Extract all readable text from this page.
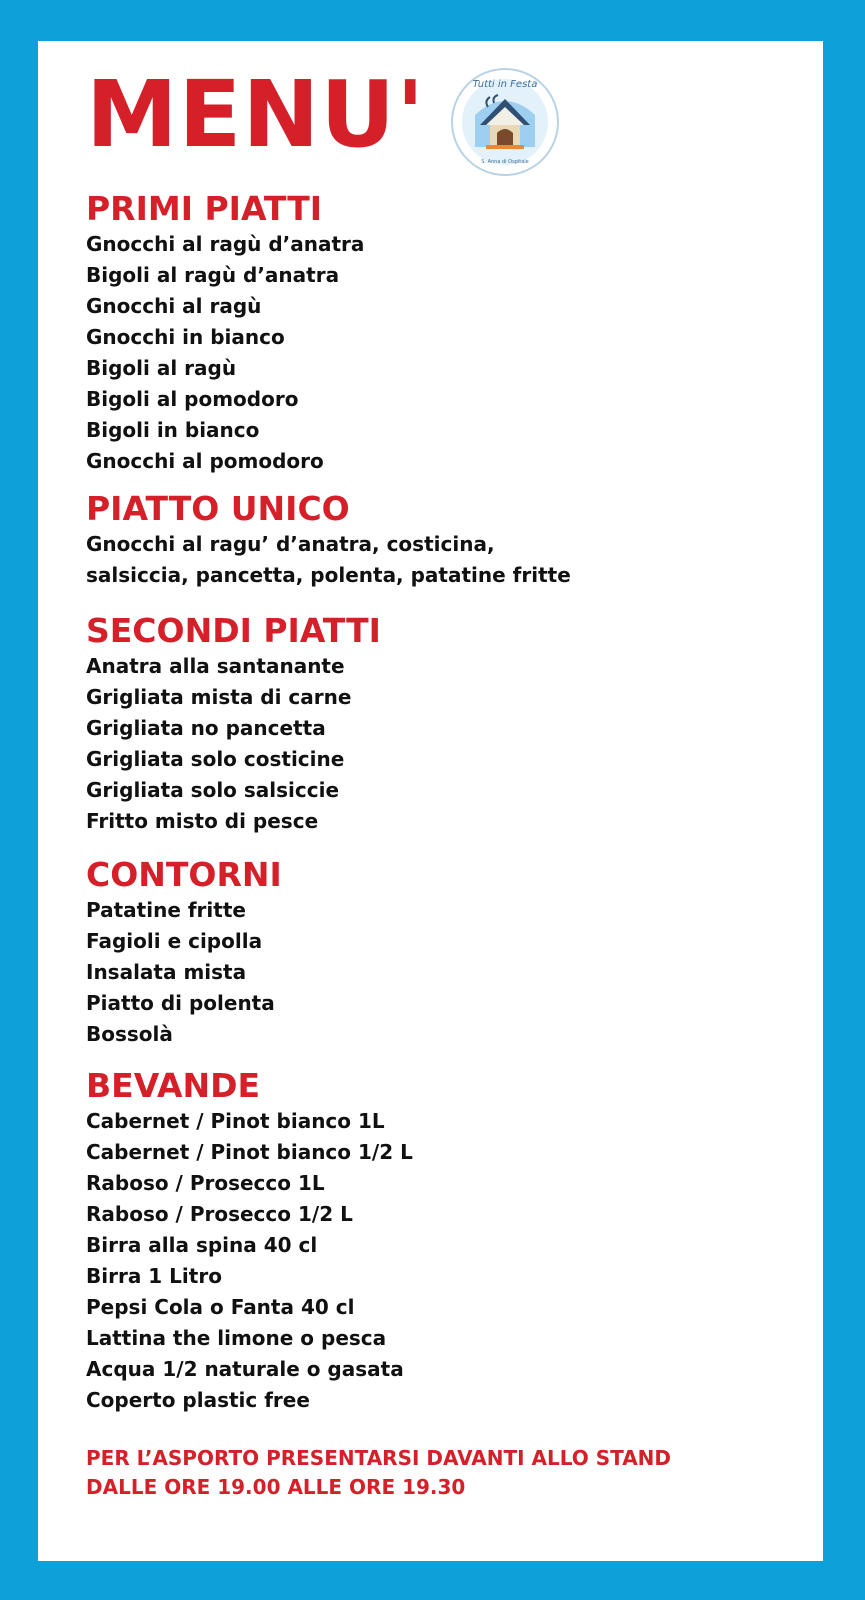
MENU'	Tutti in Festa
S. Anna di Ospitale
PRIMI PIATTI
Gnocchi al ragù d’anatra
Bigoli al ragù d’anatra
Gnocchi al ragù
Gnocchi in bianco
Bigoli al ragù
Bigoli al pomodoro
Bigoli in bianco
Gnocchi al pomodoro
PIATTO UNICO
Gnocchi al ragu’ d’anatra, costicina,
salsiccia, pancetta, polenta, patatine fritte
SECONDI PIATTI
Anatra alla santanante
Grigliata mista di carne
Grigliata no pancetta
Grigliata solo costicine
Grigliata solo salsiccie
Fritto misto di pesce
CONTORNI
Patatine fritte
Fagioli e cipolla
Insalata mista
Piatto di polenta
Bossolà
BEVANDE
Cabernet / Pinot bianco 1L
Cabernet / Pinot bianco 1/2 L
Raboso / Prosecco 1L
Raboso / Prosecco 1/2 L
Birra alla spina 40 cl
Birra 1 Litro
Pepsi Cola o Fanta 40 cl
Lattina the limone o pesca
Acqua 1/2 naturale o gasata
Coperto plastic free
PER L’ASPORTO PRESENTARSI DAVANTI ALLO STAND
DALLE ORE 19.00 ALLE ORE 19.30
